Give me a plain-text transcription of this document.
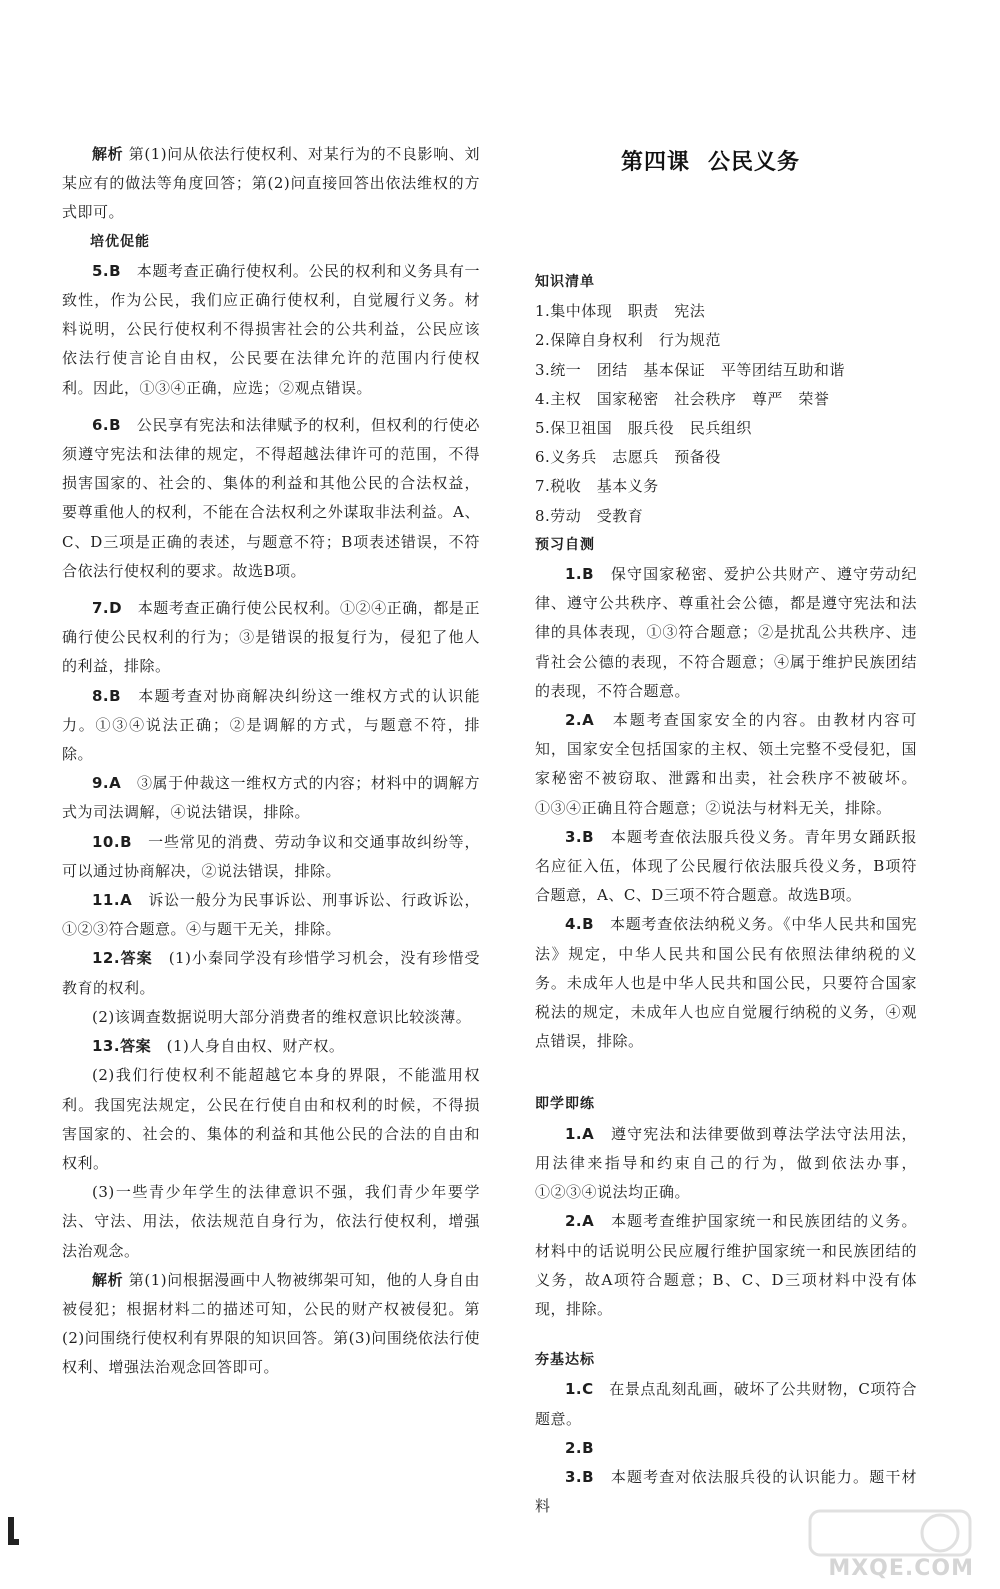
解析 第(1)问从依法行使权利、对某行为的不良影响、刘某应有的做法等角度回答；第(2)问直接回答出依法维权的方式即可。

培优促能

5.B　 本题考查正确行使权利。公民的权利和义务具有一致性，作为公民，我们应正确行使权利，自觉履行义务。材料说明，公民行使权利不得损害社会的公共利益，公民应该依法行使言论自由权，公民要在法律允许的范围内行使权利。因此，①③④正确，应选；②观点错误。

6.B　 公民享有宪法和法律赋予的权利，但权利的行使必须遵守宪法和法律的规定，不得超越法律许可的范围，不得损害国家的、社会的、集体的利益和其他公民的合法权益，要尊重他人的权利，不能在合法权利之外谋取非法利益。A、C、D三项是正确的表述，与题意不符；B项表述错误，不符合依法行使权利的要求。故选B项。

7.D　 本题考查正确行使公民权利。①②④正确，都是正确行使公民权利的行为；③是错误的报复行为，侵犯了他人的利益，排除。

8.B　 本题考查对协商解决纠纷这一维权方式的认识能力。①③④说法正确；②是调解的方式，与题意不符，排除。

9.A　 ③属于仲裁这一维权方式的内容；材料中的调解方式为司法调解，④说法错误，排除。

10.B　 一些常见的消费、劳动争议和交通事故纠纷等，可以通过协商解决，②说法错误，排除。

11.A　 诉讼一般分为民事诉讼、刑事诉讼、行政诉讼，①②③符合题意。④与题干无关，排除。

12.答案　 (1)小秦同学没有珍惜学习机会，没有珍惜受教育的权利。

(2)该调查数据说明大部分消费者的维权意识比较淡薄。

13.答案　 (1)人身自由权、财产权。

(2)我们行使权利不能超越它本身的界限，不能滥用权利。我国宪法规定，公民在行使自由和权利的时候，不得损害国家的、社会的、集体的利益和其他公民的合法的自由和权利。

(3)一些青少年学生的法律意识不强，我们青少年要学法、守法、用法，依法规范自身行为，依法行使权利，增强法治观念。

解析 第(1)问根据漫画中人物被绑架可知，他的人身自由被侵犯；根据材料二的描述可知，公民的财产权被侵犯。第(2)问围绕行使权利有界限的知识回答。第(3)问围绕依法行使权利、增强法治观念回答即可。

第四课 公民义务
知识清单

1.集中体现　职责　宪法

2.保障自身权利　行为规范

3.统一　团结　基本保证　平等团结互助和谐

4.主权　国家秘密　社会秩序　尊严　荣誉

5.保卫祖国　服兵役　民兵组织

6.义务兵　志愿兵　预备役

7.税收　基本义务

8.劳动　受教育

预习自测

1.B　 保守国家秘密、爱护公共财产、遵守劳动纪律、遵守公共秩序、尊重社会公德，都是遵守宪法和法律的具体表现，①③符合题意；②是扰乱公共秩序、违背社会公德的表现，不符合题意；④属于维护民族团结的表现，不符合题意。

2.A　 本题考查国家安全的内容。由教材内容可知，国家安全包括国家的主权、领土完整不受侵犯，国家秘密不被窃取、泄露和出卖，社会秩序不被破坏。①③④正确且符合题意；②说法与材料无关，排除。

3.B　 本题考查依法服兵役义务。青年男女踊跃报名应征入伍，体现了公民履行依法服兵役义务，B项符合题意，A、C、D三项不符合题意。故选B项。

4.B　 本题考查依法纳税义务。《中华人民共和国宪法》规定，中华人民共和国公民有依照法律纳税的义务。未成年人也是中华人民共和国公民，只要符合国家税法的规定，未成年人也应自觉履行纳税的义务，④观点错误，排除。

即学即练

1.A　 遵守宪法和法律要做到尊法学法守法用法，用法律来指导和约束自己的行为，做到依法办事，①②③④说法均正确。

2.A　 本题考查维护国家统一和民族团结的义务。材料中的话说明公民应履行维护国家统一和民族团结的义务，故A项符合题意；B、C、D三项材料中没有体现，排除。

夯基达标

1.C　 在景点乱刻乱画，破坏了公共财物，C项符合题意。

2.B

3.B　 本题考查对依法服兵役的认识能力。题干材料

MXQE.COM
